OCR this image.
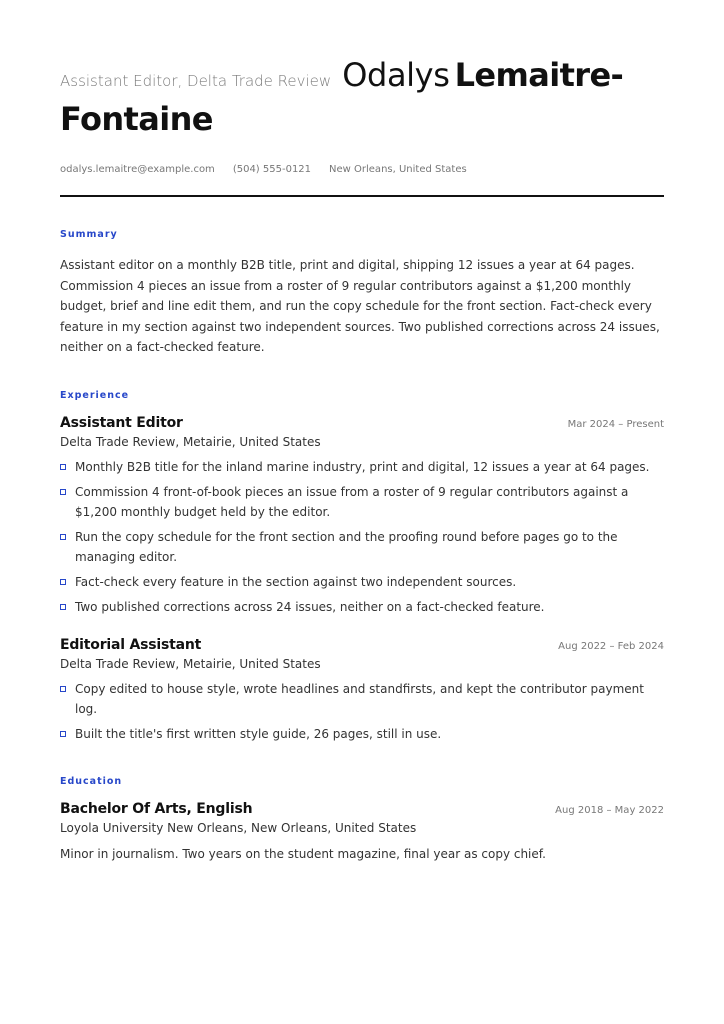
Assistant Editor, Delta Trade Review Odalys Lemaitre-Fontaine
odalys.lemaitre@example.com (504) 555-0121 New Orleans, United States
Summary
Assistant editor on a monthly B2B title, print and digital, shipping 12 issues a year at 64 pages. Commission 4 pieces an issue from a roster of 9 regular contributors against a $1,200 monthly budget, brief and line edit them, and run the copy schedule for the front section. Fact-check every feature in my section against two independent sources. Two published corrections across 24 issues, neither on a fact-checked feature.
Experience
Assistant Editor	Mar 2024 – Present
Delta Trade Review, Metairie, United States
Monthly B2B title for the inland marine industry, print and digital, 12 issues a year at 64 pages.
Commission 4 front-of-book pieces an issue from a roster of 9 regular contributors against a $1,200 monthly budget held by the editor.
Run the copy schedule for the front section and the proofing round before pages go to the managing editor.
Fact-check every feature in the section against two independent sources.
Two published corrections across 24 issues, neither on a fact-checked feature.
Editorial Assistant	Aug 2022 – Feb 2024
Delta Trade Review, Metairie, United States
Copy edited to house style, wrote headlines and standfirsts, and kept the contributor payment log.
Built the title's first written style guide, 26 pages, still in use.
Education
Bachelor Of Arts, English	Aug 2018 – May 2022
Loyola University New Orleans, New Orleans, United States
Minor in journalism. Two years on the student magazine, final year as copy chief.
